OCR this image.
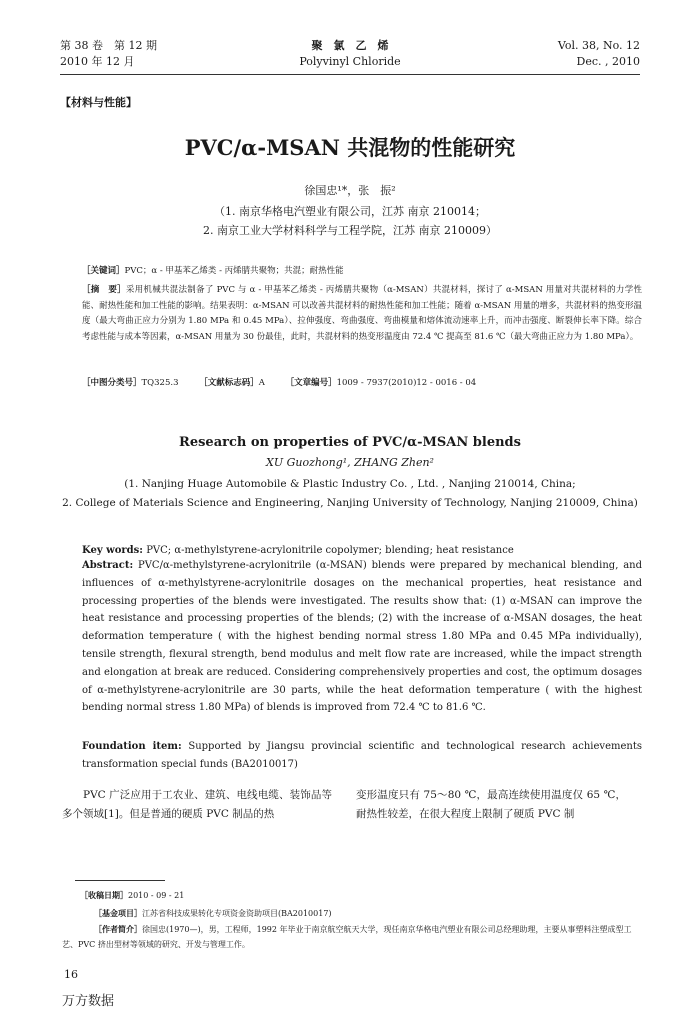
第 38 卷　第 12 期
2010 年 12 月
聚　氯　乙　烯
Polyvinyl Chloride
Vol. 38, No. 12
Dec. , 2010
【材料与性能】
PVC/α-MSAN 共混物的性能研究
徐国忠¹*，张　振²
（1. 南京华格电汽塑业有限公司，江苏 南京 210014；
2. 南京工业大学材料科学与工程学院，江苏 南京 210009）
［关键词］PVC；α - 甲基苯乙烯类 - 丙烯腈共聚物；共混；耐热性能
［摘　要］采用机械共混法制备了 PVC 与 α - 甲基苯乙烯类 - 丙烯腈共聚物（α-MSAN）共混材料，探讨了 α-MSAN 用量对共混材料的力学性能、耐热性能和加工性能的影响。结果表明：α-MSAN 可以改善共混材料的耐热性能和加工性能；随着 α-MSAN 用量的增多，共混材料的热变形温度（最大弯曲正应力分别为 1.80 MPa 和 0.45 MPa）、拉伸强度、弯曲强度、弯曲模量和熔体流动速率上升，而冲击强度、断裂伸长率下降。综合考虑性能与成本等因素，α-MSAN 用量为 30 份最佳，此时，共混材料的热变形温度由 72.4 ℃ 提高至 81.6 ℃（最大弯曲正应力为 1.80 MPa）。
［中图分类号］TQ325.3 ［文献标志码］A ［文章编号］1009 - 7937(2010)12 - 0016 - 04
Research on properties of PVC/α-MSAN blends
XU Guozhong¹, ZHANG Zhen²
(1. Nanjing Huage Automobile & Plastic Industry Co. , Ltd. , Nanjing 210014, China;
2. College of Materials Science and Engineering, Nanjing University of Technology, Nanjing 210009, China)
Key words: PVC; α-methylstyrene-acrylonitrile copolymer; blending; heat resistance
Abstract: PVC/α-methylstyrene-acrylonitrile (α-MSAN) blends were prepared by mechanical blending, and influences of α-methylstyrene-acrylonitrile dosages on the mechanical properties, heat resistance and processing properties of the blends were investigated. The results show that: (1) α-MSAN can improve the heat resistance and processing properties of the blends; (2) with the increase of α-MSAN dosages, the heat deformation temperature ( with the highest bending normal stress 1.80 MPa and 0.45 MPa individually), tensile strength, flexural strength, bend modulus and melt flow rate are increased, while the impact strength and elongation at break are reduced. Considering comprehensively properties and cost, the optimum dosages of α-methylstyrene-acrylonitrile are 30 parts, while the heat deformation temperature ( with the highest bending normal stress 1.80 MPa) of blends is improved from 72.4 ℃ to 81.6 ℃.
Foundation item: Supported by Jiangsu provincial scientific and technological research achievements transformation special funds (BA2010017)
PVC 广泛应用于工农业、建筑、电线电缆、装饰品等多个领域[1]。但是普通的硬质 PVC 制品的热
变形温度只有 75～80 ℃，最高连续使用温度仅 65 ℃，耐热性较差，在很大程度上限制了硬质 PVC 制
［收稿日期］2010 - 09 - 21
［基金项目］江苏省科技成果转化专项资金资助项目(BA2010017)
［作者简介］徐国忠(1970—)，男，工程师，1992 年毕业于南京航空航天大学，现任南京华格电汽塑业有限公司总经理助理，主要从事塑料注塑成型工艺、PVC 挤出型材等领域的研究、开发与管理工作。
16
万方数据
